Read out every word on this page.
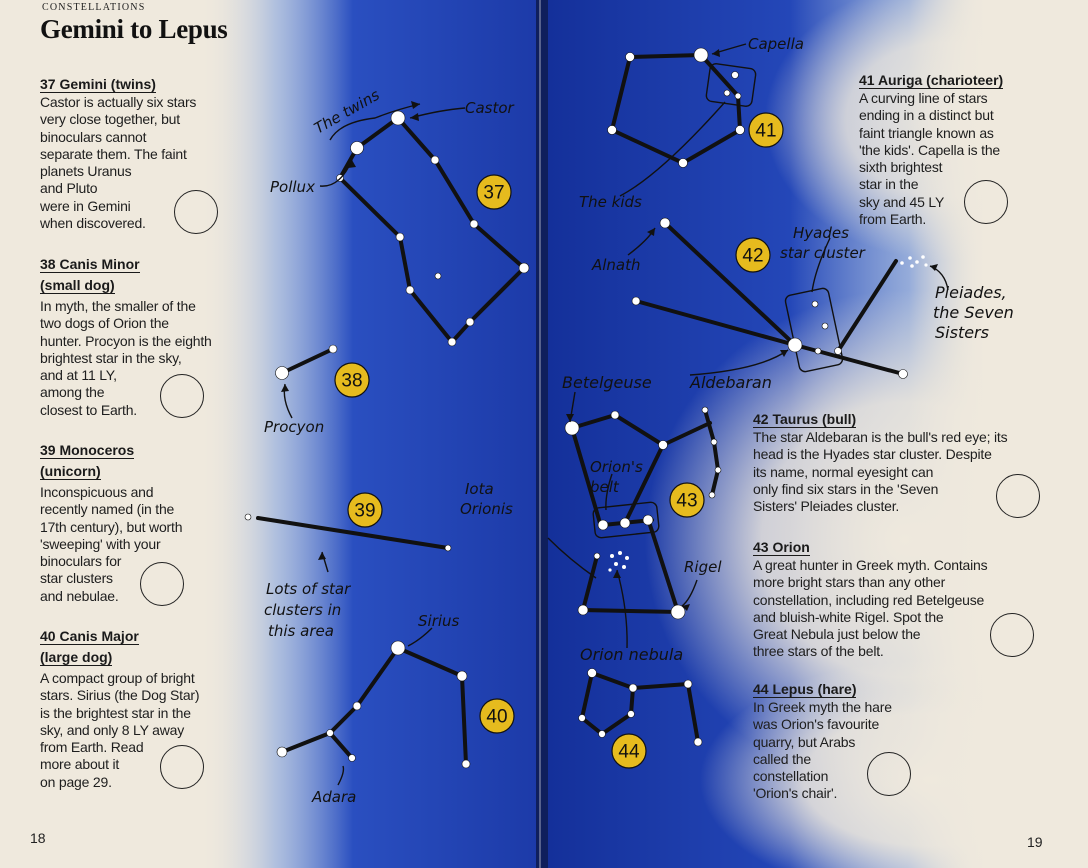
The twins	Castor
Pollux
Procyon
Lots of star
clusters in
this area
Iota
Orionis
Sirius
Adara
Capella
The kids
Alnath
Hyades
star cluster
Pleiades,
the Seven
Sisters
Betelgeuse Aldebaran
Orion's
belt
Rigel
Orion nebula
37
38
39
40
41
42
43
44
CONSTELLATIONS
Gemini to Lepus
37 Gemini (twins)
Castor is actually six stars
very close together, but
binoculars cannot
separate them. The faint
planets Uranus
and Pluto
were in Gemini
when discovered.
38 Canis Minor
(small dog)
In myth, the smaller of the
two dogs of Orion the
hunter. Procyon is the eighth
brightest star in the sky,
and at 11 LY,
among the
closest to Earth.
39 Monoceros
(unicorn)
Inconspicuous and
recently named (in the
17th century), but worth
'sweeping' with your
binoculars for
star clusters
and nebulae.
40 Canis Major
(large dog)
A compact group of bright
stars. Sirius (the Dog Star)
is the brightest star in the
sky, and only 8 LY away
from Earth. Read
more about it
on page 29.
41 Auriga (charioteer)
A curving line of stars
ending in a distinct but
faint triangle known as
'the kids'. Capella is the
sixth brightest
star in the
sky and 45 LY
from Earth.
42 Taurus (bull)
The star Aldebaran is the bull's red eye; its
head is the Hyades star cluster. Despite
its name, normal eyesight can
only find six stars in the 'Seven
Sisters' Pleiades cluster.
43 Orion
A great hunter in Greek myth. Contains
more bright stars than any other
constellation, including red Betelgeuse
and bluish-white Rigel. Spot the
Great Nebula just below the
three stars of the belt.
44 Lepus (hare)
In Greek myth the hare
was Orion's favourite
quarry, but Arabs
called the
constellation
'Orion's chair'.
18	19
